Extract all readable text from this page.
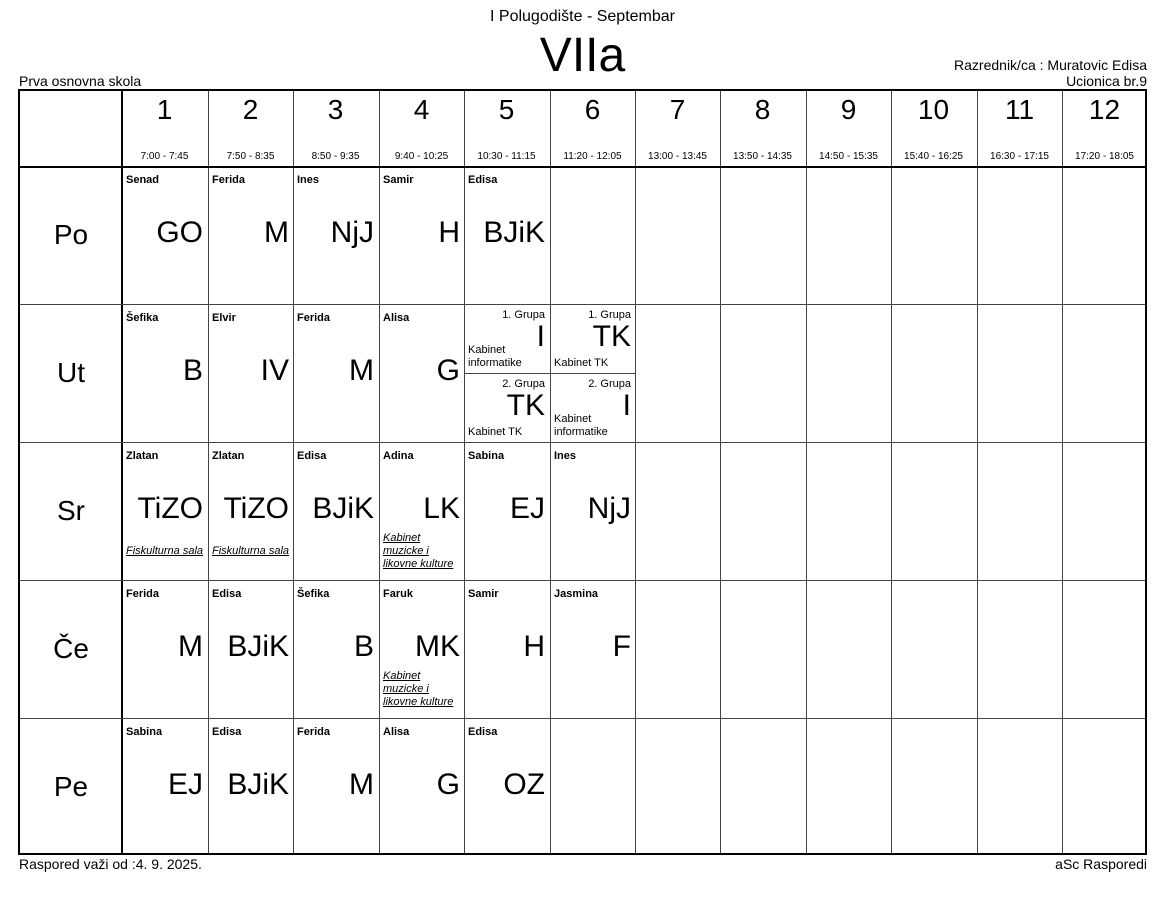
I Polugodište - Septembar
VIIa
Prva osnovna skola
Razrednik/ca : Muratovic Edisa
Ucionica br.9
1
7:00 - 7:45
2
7:50 - 8:35
3
8:50 - 9:35
4
9:40 - 10:25
5
10:30 - 11:15
6
11:20 - 12:05
7
13:00 - 13:45
8
13:50 - 14:35
9
14:50 - 15:35
10
15:40 - 16:25
11
16:30 - 17:15
12
17:20 - 18:05
Po
Ut
Sr
Če
Pe
Senad
GO
Ferida
M
Ines
NjJ
Samir
H
Edisa
BJiK
Šefika
B
Elvir
IV
Ferida
M
Alisa
G
1. Grupa
I
Kabinet informatike
2. Grupa
TK
Kabinet TK
1. Grupa
TK
Kabinet TK
2. Grupa
I
Kabinet informatike
Zlatan
TiZO
Fiskulturna sala
Zlatan
TiZO
Fiskulturna sala
Edisa
BJiK
Adina
LK
Kabinet muzicke i likovne kulture
Sabina
EJ
Ines
NjJ
Ferida
M
Edisa
BJiK
Šefika
B
Faruk
MK
Kabinet muzicke i likovne kulture
Samir
H
Jasmina
F
Sabina
EJ
Edisa
BJiK
Ferida
M
Alisa
G
Edisa
OZ
Raspored važi od :4. 9. 2025.	aSc Rasporedi
